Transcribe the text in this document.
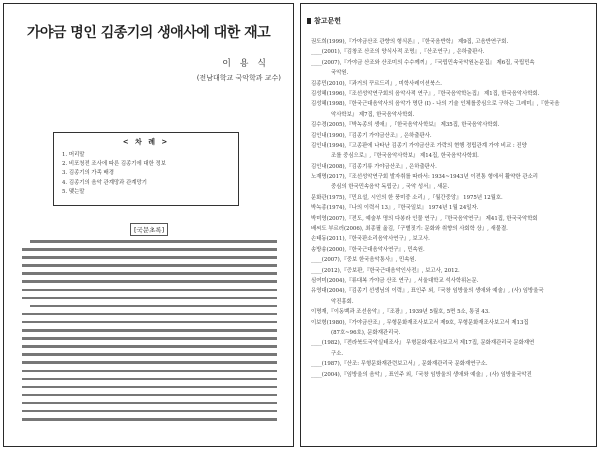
가야금 명인 김종기의 생애사에 대한 재고
이 용 식
(전남대학교 국악학과 교수)
< 차 례 >
1. 머리말
2. 비포청전 조사에 따른 김종기에 대한 정보
3. 김종기의 가족 배경
4. 김종기의 음악 관계망과 관계망기
5. 맺는말
[국문초록]
참고문헌
권도희(1999),『가야금산조 관향의 형식론』,『한국음반학』 제9집, 고음반연구회.
____(2001),『김창조 산조의 양식사적 조명』,『산조연구』, 은하출판사.
____(2007),『가야금 산조와 산조미의 수수께끼』,『국립민속국악원논문집』 제6집, 국립민속
국악원.
김종민(2010),『과거의 꾸르드리』, 미학사레이션북스.
김성혜(1996),『조선성악연구회의 음악사적 연구』,『한국음악학논집』 제1집, 한국음악사학회.
김성혜(1998),『한국근대음악사의 음악가 명단 (I) - 나의 기술 인체를중심으로 구하는 그레미』,『한국음
악사학보』 제7집, 한국음악사학회.
김수경(2005),『박녹종의 생애』,『한국음악사학보』 제35집, 한국음악사학회.
김인내(1990),『김종기 가야금산조』, 은하출판사.
김인내(1994),『고종판에 나타난 김종기 가야금산조 가락의 현행 정립관계 가야 비교 : 진양
조를 중심으로』,『한국음악사학보』 제14집, 한국음악사학회.
김인내(2008),『김종기류 가야금산조』, 은하출판사.
노재명(2017),『조선성악연구회 발자취를 따라서: 1934~1943년 이전통 형에서 활약한 관소리
중심의 한국민속음악 독립군』, 국악 성서』, 새문.
문화관(1975),『민요설, 시인의 한 풍미중 소리』,『월간중앙』 1975년 12월호.
박녹종(1974),『나의 이력서 13』,『한국일보』 1974년 1월 24일자.
박미영(2007),『전도, 예술부 명의 다봉라 인물 연구』,『한국음악연구』 제41집, 한국국악학회
배씨도 부르러(2006), 최종필 옮김,『구별짓기: 문화와 취향의 사회학 상』, 새물결.
손태동(2011),『한국판소리음악사연구』, 보고사.
송방송(2000),『한국근대음악사연구』, 민속원.
____(2007),『중보 한국음악통사』, 민속원.
____(2012),『증보판,『한국근대음악인사전』, 보고사, 2012.
심여미(2004),『류대복 가야금 산조 연구』, 서울대학교 석사학위논문.
유영대(2004),『김종기 선생님의 이력』, 표인주 외,『국창 임방울의 생애와 예술』, (사) 임방울국
악진흥회.
이명재,『이동백과 조선음악』,『조광』, 1939년 5월호, 5면 5소, 통권 43.
이보형(1980),『가야금산조』, 무형문화재조사보고서 제9호, 무형문화재조사보고서 제13집
(87호~96호), 문화재관리국.
____(1982),『전라북도국악실태조사』 무형문화재조사보고서 제17집, 문화재관리국 문화재연
구소.
____(1987),『산조: 무형문화재관련보고서』, 문화재관리국 문화재연구소.
____(2004),『임방울의 음악』, 표인주 외,『국창 임방울의 생애와 예술』, (사) 임방울국악진
